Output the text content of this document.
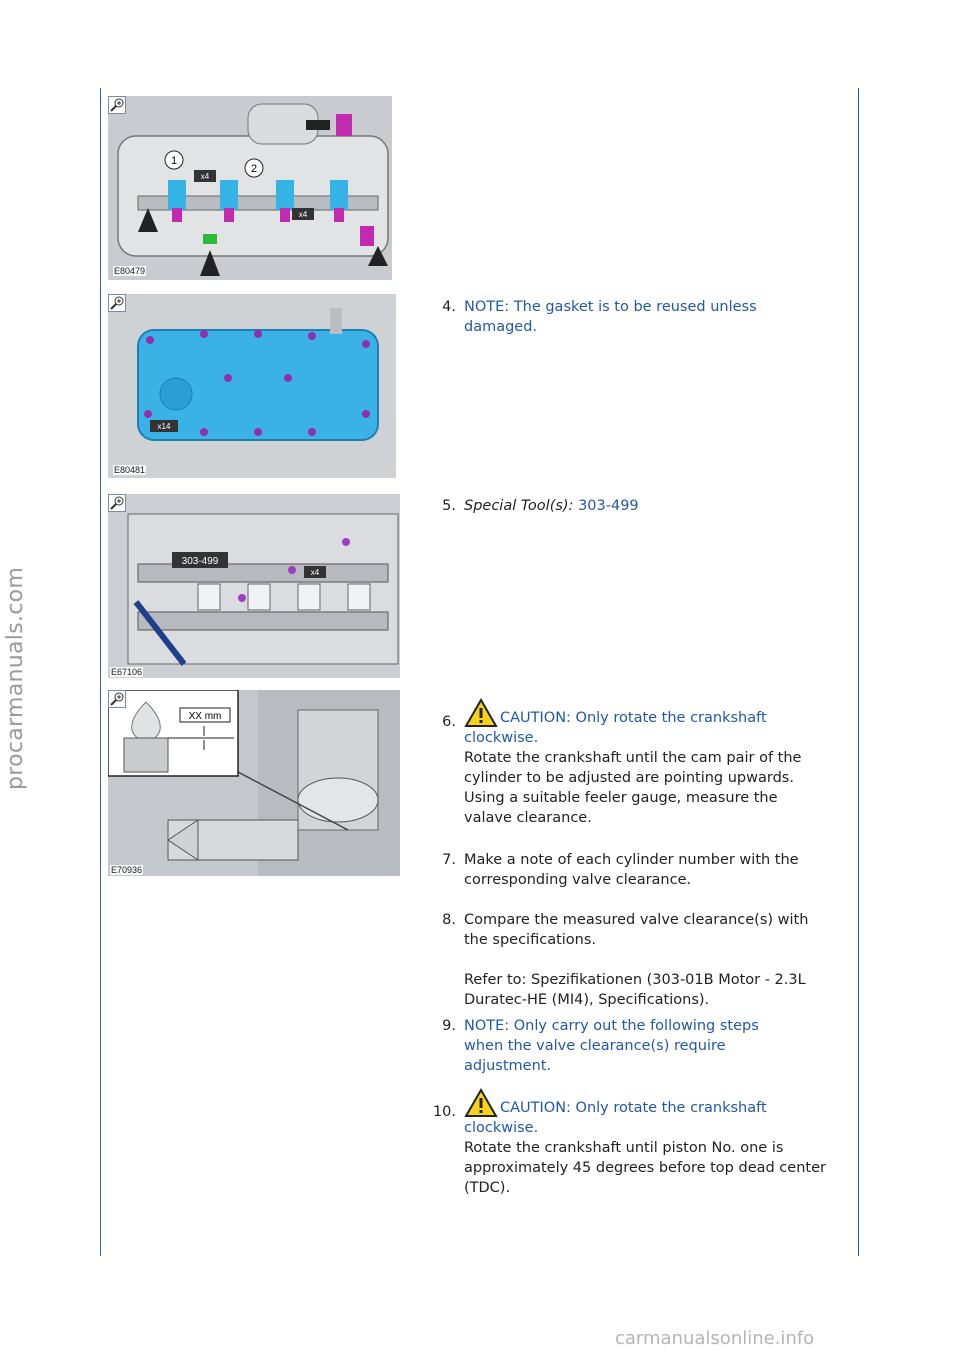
procarmanuals.com
carmanualsonline.info
1
2
x4
x4
E80479
x14
E80481
303-499
x4
E67106
XX mm
E70936
4. NOTE: The gasket is to be reused unless
damaged.
5. Special Tool(s): 303-499
6.	CAUTION: Only rotate the crankshaft
clockwise.
Rotate the crankshaft until the cam pair of the
cylinder to be adjusted are pointing upwards.
Using a suitable feeler gauge, measure the
valave clearance.
7. Make a note of each cylinder number with the
corresponding valve clearance.
8. Compare the measured valve clearance(s) with
the specifications.
Refer to: Spezifikationen (303-01B Motor - 2.3L
Duratec-HE (MI4), Specifications).
9. NOTE: Only carry out the following steps
when the valve clearance(s) require
adjustment.
10.	CAUTION: Only rotate the crankshaft
clockwise.
Rotate the crankshaft until piston No. one is
approximately 45 degrees before top dead center
(TDC).
